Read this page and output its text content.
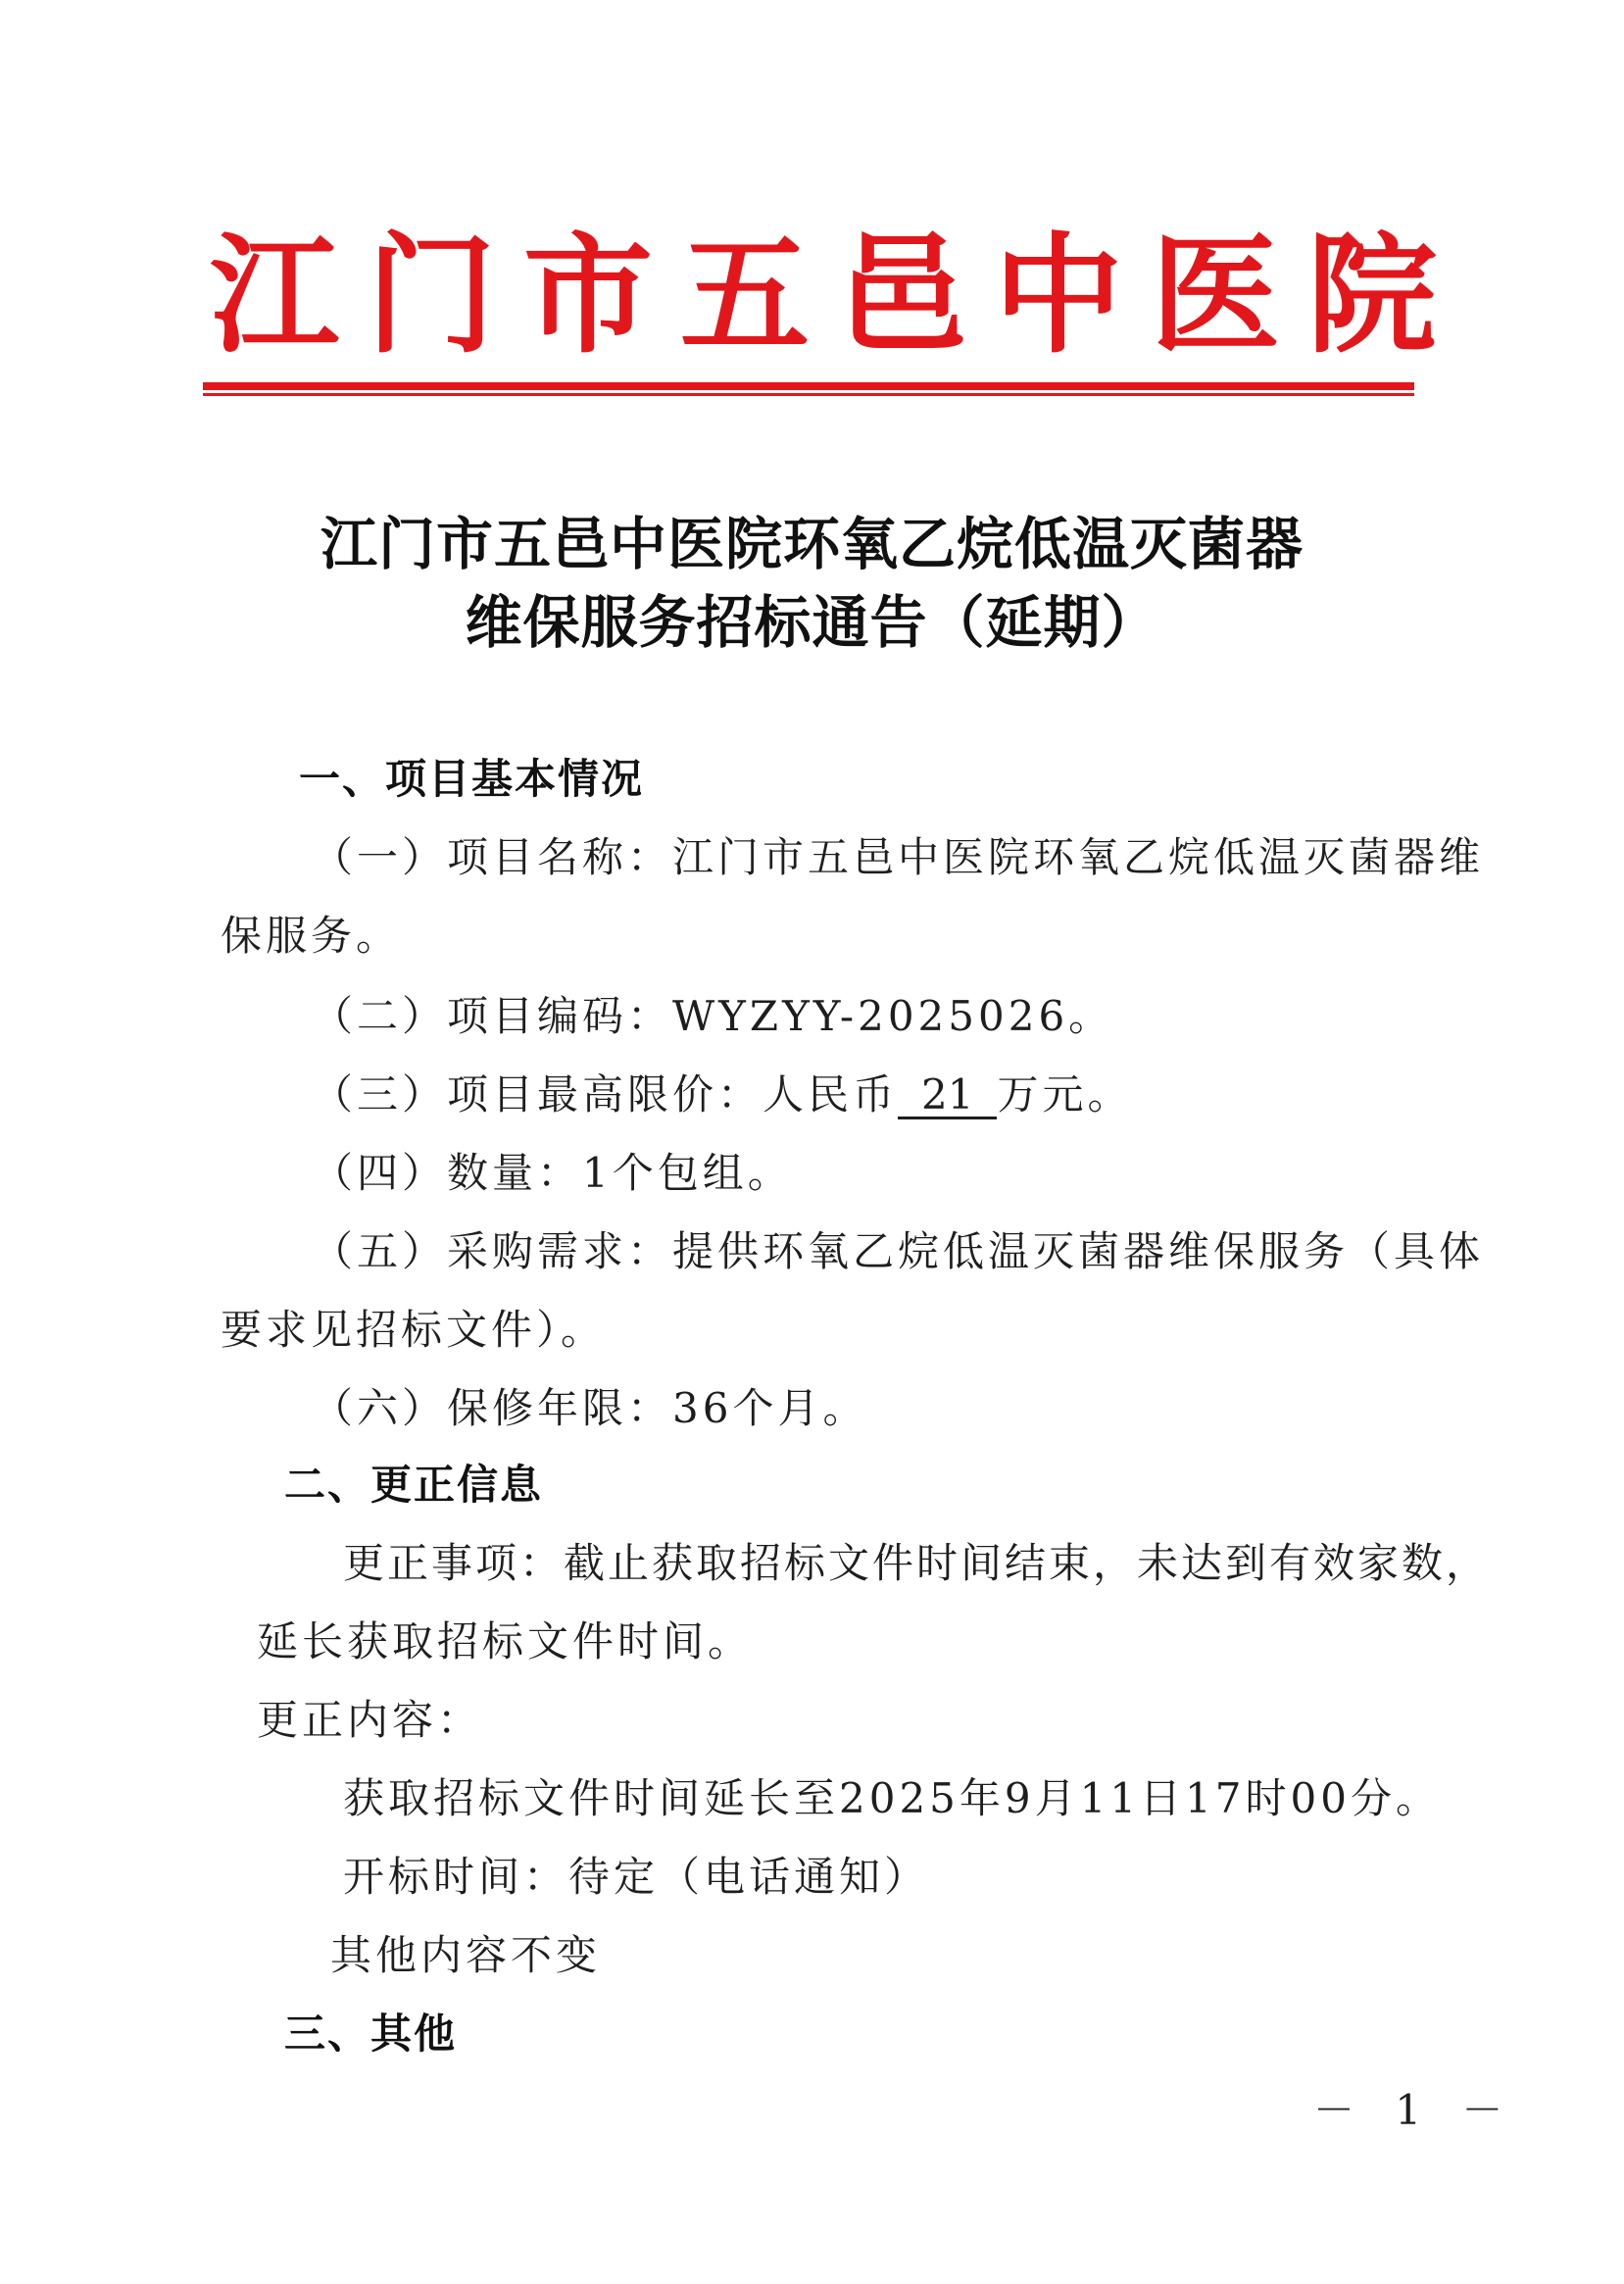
江 门 市 五 邑 中 医 院
江门市五邑中医院环氧乙烷低温灭菌器
维保服务招标通告（延期）
一、项目基本情况
（一）项目名称：江门市五邑中医院环氧乙烷低温灭菌器维
保服务。
（二）项目编码：WYZYY-2025026。
（三）项目最高限价：人民币 21 万元。
（四）数量：1个包组。
（五）采购需求：提供环氧乙烷低温灭菌器维保服务（具体
要求见招标文件）。
（六）保修年限：36个月。
二、更正信息
更正事项：截止获取招标文件时间结束，未达到有效家数，
延长获取招标文件时间。
更正内容：
获取招标文件时间延长至2025年9月11日17时00分。
开标时间：待定（电话通知）
其他内容不变
三、其他
－ 1 －
